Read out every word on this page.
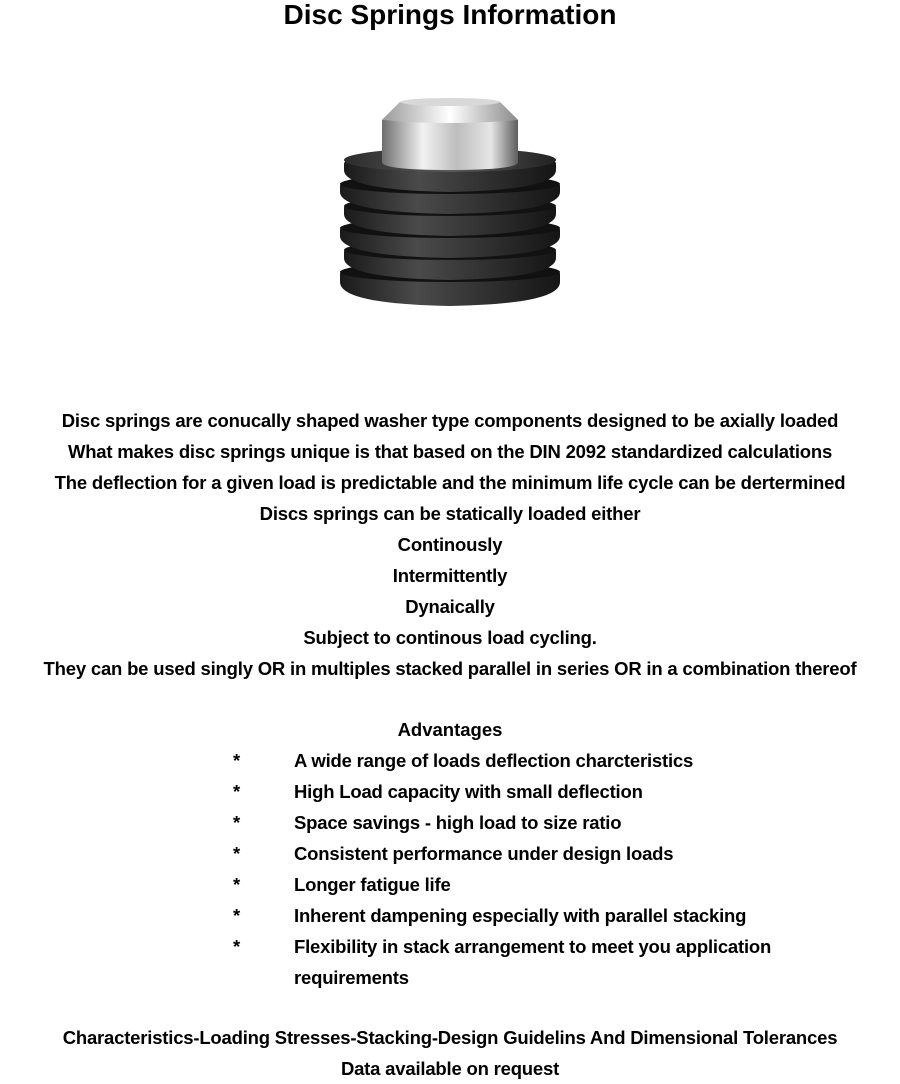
Disc Springs Information
Disc springs are conucally shaped washer type components designed to be axially loaded
What makes disc springs unique is that based on the DIN 2092 standardized calculations
The deflection for a given load is predictable and the minimum life cycle can be dertermined
Discs springs can be statically loaded either
Continously
Intermittently
Dynaically
Subject to continous load cycling.
They can be used singly OR in multiples stacked parallel in series OR in a combination thereof
Advantages
*	A wide range of loads deflection charcteristics
*	High Load capacity with small deflection
*	Space savings - high load to size ratio
*	Consistent performance under design loads
*	Longer fatigue life
*	Inherent dampening especially with parallel stacking
*	Flexibility in stack arrangement to meet you application requirements
Characteristics-Loading Stresses-Stacking-Design Guidelins And Dimensional Tolerances
Data available on request
